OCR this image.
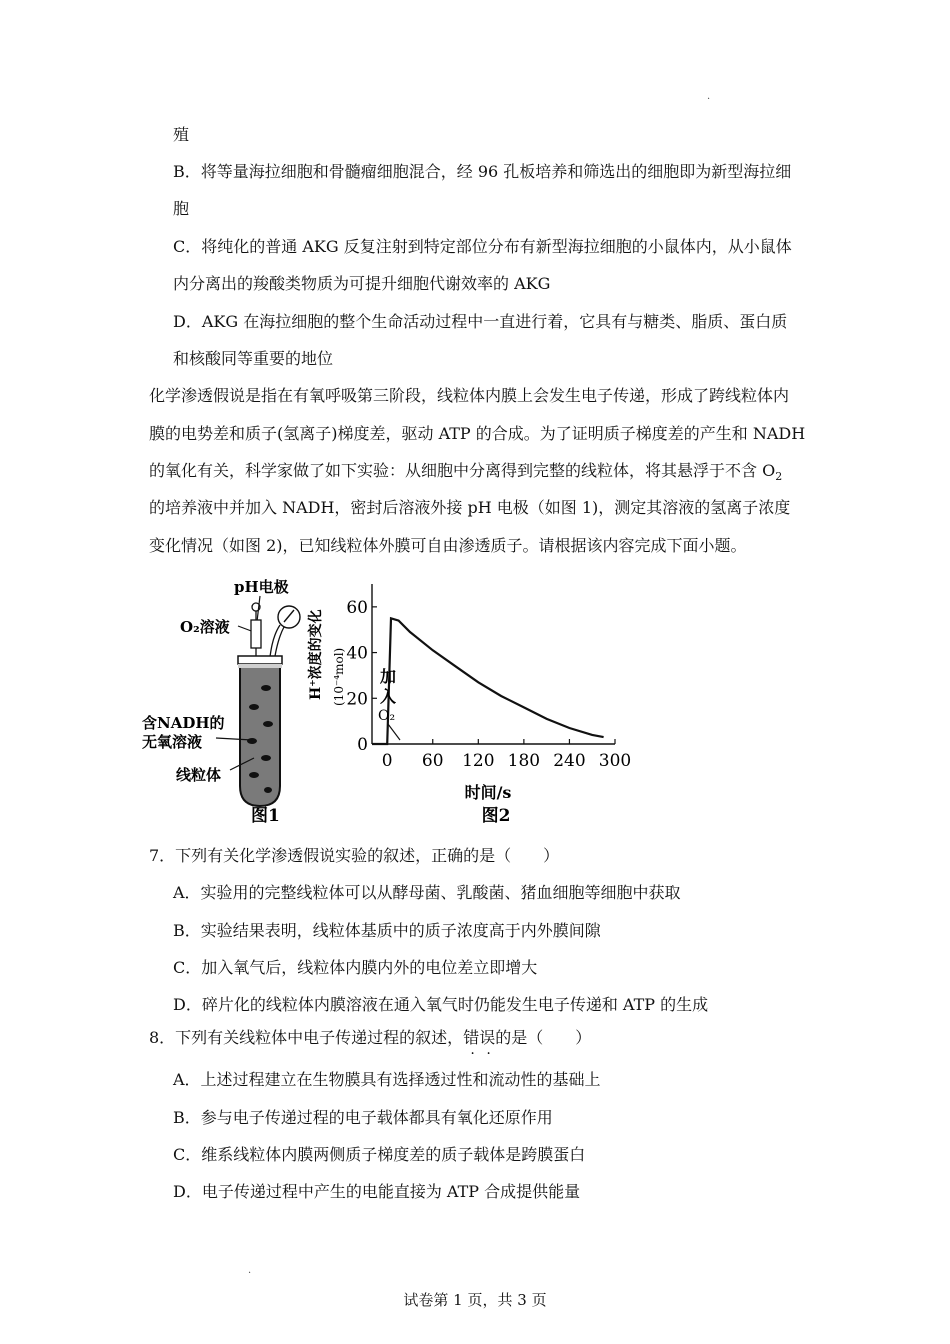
·
殖
B．将等量海拉细胞和骨髓瘤细胞混合，经 96 孔板培养和筛选出的细胞即为新型海拉细
胞
C．将纯化的普通 AKG 反复注射到特定部位分布有新型海拉细胞的小鼠体内，从小鼠体
内分离出的羧酸类物质为可提升细胞代谢效率的 AKG
D．AKG 在海拉细胞的整个生命活动过程中一直进行着，它具有与糖类、脂质、蛋白质
和核酸同等重要的地位
化学渗透假说是指在有氧呼吸第三阶段，线粒体内膜上会发生电子传递，形成了跨线粒体内
膜的电势差和质子(氢离子)梯度差，驱动 ATP 的合成。为了证明质子梯度差的产生和 NADH
的氧化有关，科学家做了如下实验：从细胞中分离得到完整的线粒体，将其悬浮于不含 $O_2$
的培养液中并加入 NADH，密封后溶液外接 pH 电极（如图 1)，测定其溶液的氢离子浓度
变化情况（如图 2)，已知线粒体外膜可自由渗透质子。请根据该内容完成下面小题。
pH电极
O₂溶液
含NADH的
无氧溶液
线粒体
图1
0
20
40
60
0 60 120 180 240 300
H⁺浓度的变化 (10⁻⁴mol) 加
入
O₂
时间/s
图2
7．下列有关化学渗透假说实验的叙述，正确的是（　　）
A．实验用的完整线粒体可以从酵母菌、乳酸菌、猪血细胞等细胞中获取
B．实验结果表明，线粒体基质中的质子浓度高于内外膜间隙
C．加入氧气后，线粒体内膜内外的电位差立即增大
D．碎片化的线粒体内膜溶液在通入氧气时仍能发生电子传递和 ATP 的生成
8．下列有关线粒体中电子传递过程的叙述，错误的是（　　）
A．上述过程建立在生物膜具有选择透过性和流动性的基础上
B．参与电子传递过程的电子载体都具有氧化还原作用
C．维系线粒体内膜两侧质子梯度差的质子载体是跨膜蛋白
D．电子传递过程中产生的电能直接为 ATP 合成提供能量
·
试卷第 1 页，共 3 页
